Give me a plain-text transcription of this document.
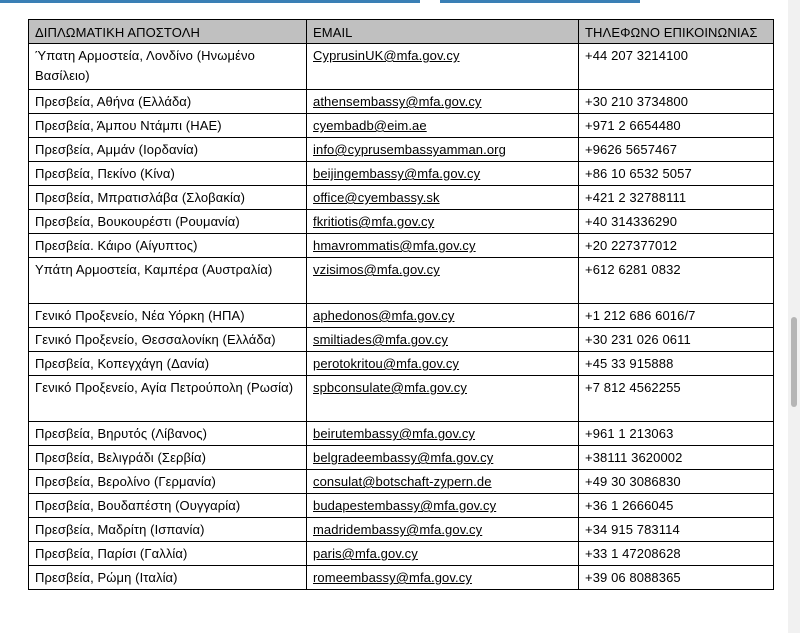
ΔΙΠΛΩΜΑΤΙΚΗ ΑΠΟΣΤΟΛΗ	EMAIL	ΤΗΛΕΦΩΝΟ ΕΠΙΚΟΙΝΩΝΙΑΣ
Ύπατη Αρμοστεία, Λονδίνο (Ηνωμένο Βασίλειο)	CyprusinUK@mfa.gov.cy	+44 207 3214100
Πρεσβεία, Αθήνα (Ελλάδα)	athensembassy@mfa.gov.cy	+30 210 3734800
Πρεσβεία, Άμπου Ντάμπι (ΗΑΕ)	cyembadb@eim.ae	+971 2 6654480
Πρεσβεία, Αμμάν (Ιορδανία)	info@cyprusembassyamman.org	+9626 5657467
Πρεσβεία, Πεκίνο (Κίνα)	beijingembassy@mfa.gov.cy	+86 10 6532 5057
Πρεσβεία, Μπρατισλάβα (Σλοβακία)	office@cyembassy.sk	+421 2 32788111
Πρεσβεία, Βουκουρέστι (Ρουμανία)	fkritiotis@mfa.gov.cy	+40 314336290
Πρεσβεία. Κάιρο (Αίγυπτος)	hmavrommatis@mfa.gov.cy	+20 227377012
Υπάτη Αρμοστεία, Καμπέρα (Αυστραλία)	vzisimos@mfa.gov.cy	+612 6281 0832
Γενικό Προξενείο, Νέα Υόρκη (ΗΠΑ)	aphedonos@mfa.gov.cy	+1 212 686 6016/7
Γενικό Προξενείο, Θεσσαλονίκη (Ελλάδα)	smiltiades@mfa.gov.cy	+30 231 026 0611
Πρεσβεία, Κοπεγχάγη (Δανία)	perotokritou@mfa.gov.cy	+45 33 915888
Γενικό Προξενείο, Αγία Πετρούπολη (Ρωσία)	spbconsulate@mfa.gov.cy	+7 812 4562255
Πρεσβεία, Βηρυτός (Λίβανος)	beirutembassy@mfa.gov.cy	+961 1 213063
Πρεσβεία, Βελιγράδι (Σερβία)	belgradeembassy@mfa.gov.cy	+38111 3620002
Πρεσβεία, Βερολίνο (Γερμανία)	consulat@botschaft-zypern.de	+49 30 3086830
Πρεσβεία, Βουδαπέστη (Ουγγαρία)	budapestembassy@mfa.gov.cy	+36 1 2666045
Πρεσβεία, Μαδρίτη (Ισπανία)	madridembassy@mfa.gov.cy	+34 915 783114
Πρεσβεία, Παρίσι (Γαλλία)	paris@mfa.gov.cy	+33 1 47208628
Πρεσβεία, Ρώμη (Ιταλία)	romeembassy@mfa.gov.cy	+39 06 8088365
